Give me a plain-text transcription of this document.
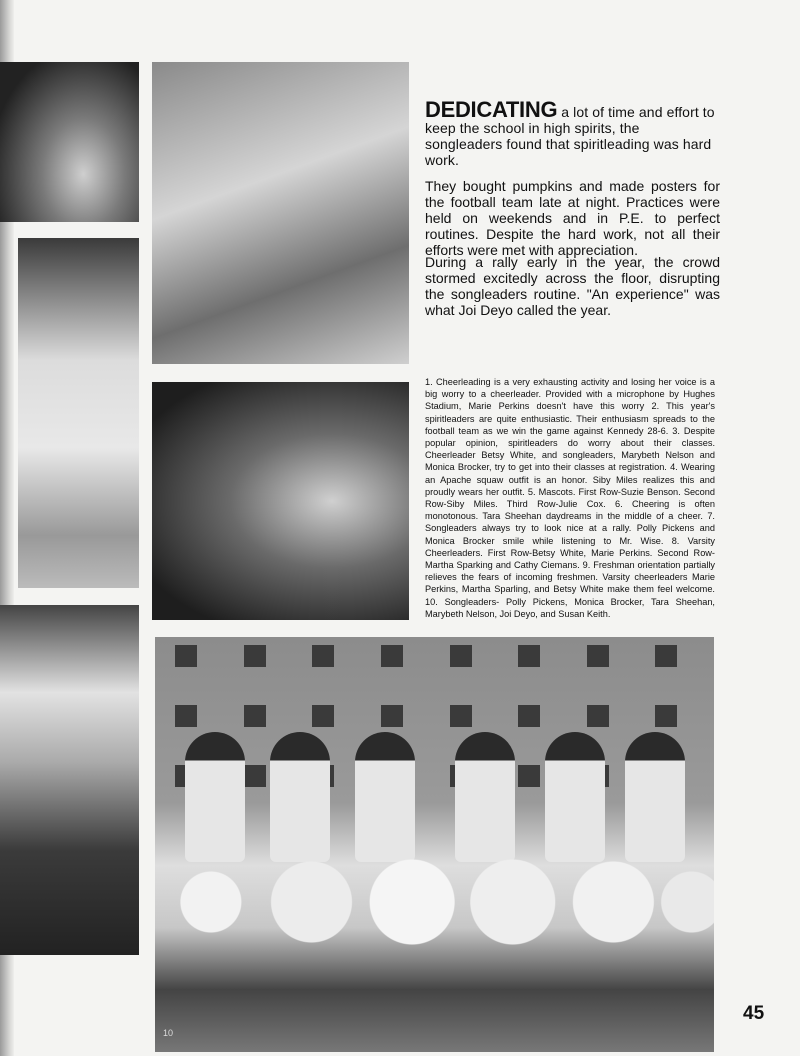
10
DEDICATING a lot of time and effort to keep the school in high spirits, the songleaders found that spiritleading was hard work.

They bought pumpkins and made posters for the football team late at night. Practices were held on weekends and in P.E. to perfect routines. Despite the hard work, not all their efforts were met with appreciation.

During a rally early in the year, the crowd stormed excitedly across the floor, disrupting the songleaders routine. "An experience" was what Joi Deyo called the year.

1. Cheerleading is a very exhausting activity and losing her voice is a big worry to a cheerleader. Provided with a microphone by Hughes Stadium, Marie Perkins doesn't have this worry 2. This year's spiritleaders are quite enthusiastic. Their enthusiasm spreads to the football team as we win the game against Kennedy 28-6. 3. Despite popular opinion, spiritleaders do worry about their classes. Cheerleader Betsy White, and songleaders, Marybeth Nelson and Monica Brocker, try to get into their classes at registration. 4. Wearing an Apache squaw outfit is an honor. Siby Miles realizes this and proudly wears her outfit. 5. Mascots. First Row-Suzie Benson. Second Row-Siby Miles. Third Row-Julie Cox. 6. Cheering is often monotonous. Tara Sheehan daydreams in the middle of a cheer. 7. Songleaders always try to look nice at a rally. Polly Pickens and Monica Brocker smile while listening to Mr. Wise. 8. Varsity Cheerleaders. First Row-Betsy White, Marie Perkins. Second Row-Martha Sparking and Cathy Ciemans. 9. Freshman orientation partially relieves the fears of incoming freshmen. Varsity cheerleaders Marie Perkins, Martha Sparling, and Betsy White make them feel welcome. 10. Songleaders- Polly Pickens, Monica Brocker, Tara Sheehan, Marybeth Nelson, Joi Deyo, and Susan Keith.

45
